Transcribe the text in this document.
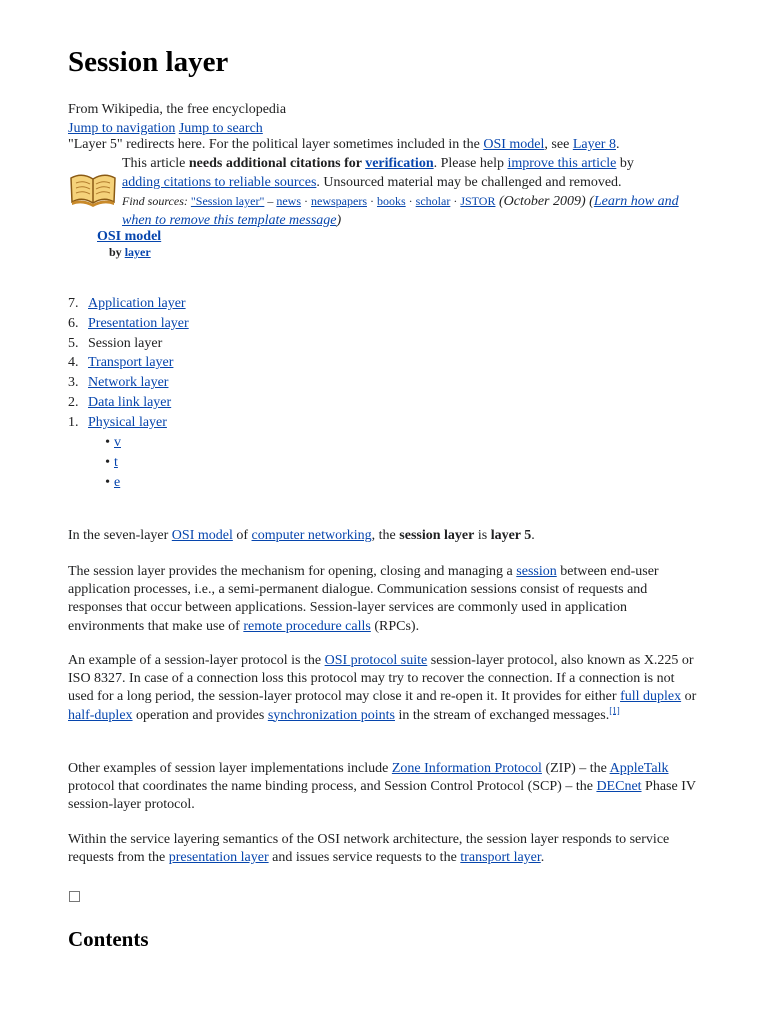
Session layer
From Wikipedia, the free encyclopedia
Jump to navigation Jump to search
"Layer 5" redirects here. For the political layer sometimes included in the OSI model, see Layer 8.
This article needs additional citations for verification. Please help improve this article by
adding citations to reliable sources. Unsourced material may be challenged and removed.
Find sources: "Session layer" – news · newspapers · books · scholar · JSTOR (October 2009) (Learn how and when to remove this template message)
OSI model
by layer
7. Application layer
6. Presentation layer
5. Session layer
4. Transport layer
3. Network layer
2. Data link layer
1. Physical layer
• v
• t
• e

In the seven-layer OSI model of computer networking, the session layer is layer 5.

The session layer provides the mechanism for opening, closing and managing a session between end-user application processes, i.e., a semi-permanent dialogue. Communication sessions consist of requests and responses that occur between applications. Session-layer services are commonly used in application environments that make use of remote procedure calls (RPCs).

An example of a session-layer protocol is the OSI protocol suite session-layer protocol, also known as X.225 or ISO 8327. In case of a connection loss this protocol may try to recover the connection. If a connection is not used for a long period, the session-layer protocol may close it and re-open it. It provides for either full duplex or half-duplex operation and provides synchronization points in the stream of exchanged messages.[1]

Other examples of session layer implementations include Zone Information Protocol (ZIP) – the AppleTalk protocol that coordinates the name binding process, and Session Control Protocol (SCP) – the DECnet Phase IV session-layer protocol.

Within the service layering semantics of the OSI network architecture, the session layer responds to service requests from the presentation layer and issues service requests to the transport layer.

Contents
